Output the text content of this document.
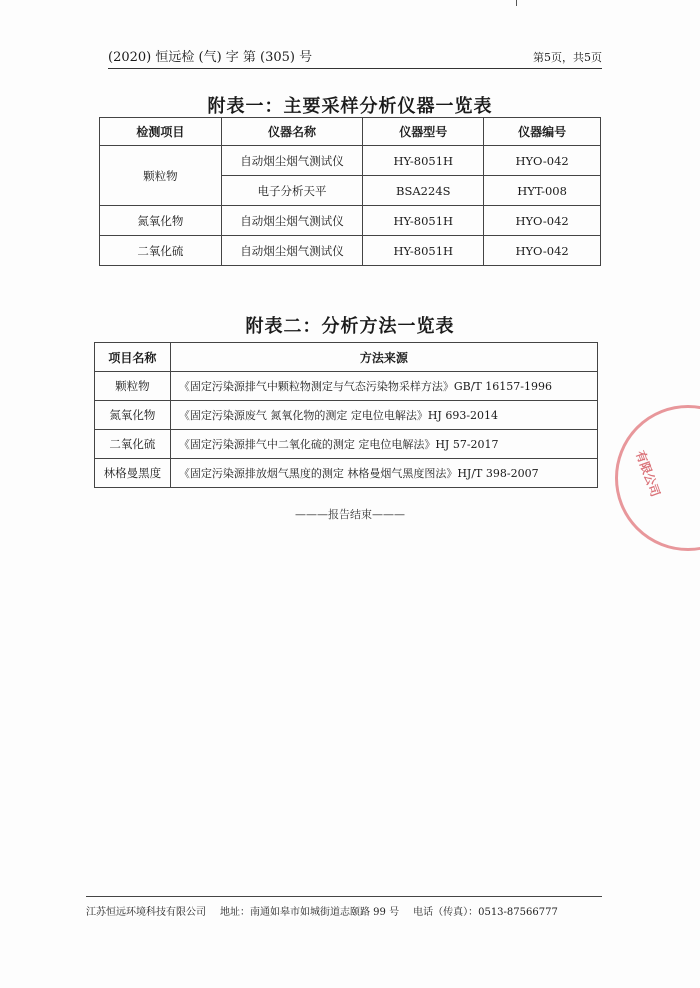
(2020) 恒远检 (气) 字 第 (305) 号	第5页，共5页
附表一：主要采样分析仪器一览表
检测项目	仪器名称	仪器型号	仪器编号
颗粒物	自动烟尘烟气测试仪	HY-8051H	HYO-042
	电子分析天平	BSA224S	HYT-008
氮氧化物	自动烟尘烟气测试仪	HY-8051H	HYO-042
二氧化硫	自动烟尘烟气测试仪	HY-8051H	HYO-042
附表二：分析方法一览表
项目名称	方法来源
颗粒物	《固定污染源排气中颗粒物测定与气态污染物采样方法》GB/T 16157-1996
氮氧化物	《固定污染源废气 氮氧化物的测定 定电位电解法》HJ 693-2014
二氧化硫	《固定污染源排气中二氧化硫的测定 定电位电解法》HJ 57-2017
林格曼黑度	《固定污染源排放烟气黑度的测定 林格曼烟气黑度图法》HJ/T 398-2007
———报告结束———
有限公司
江苏恒远环境科技有限公司 地址：南通如皋市如城街道志颐路 99 号 电话（传真）：0513-87566777
